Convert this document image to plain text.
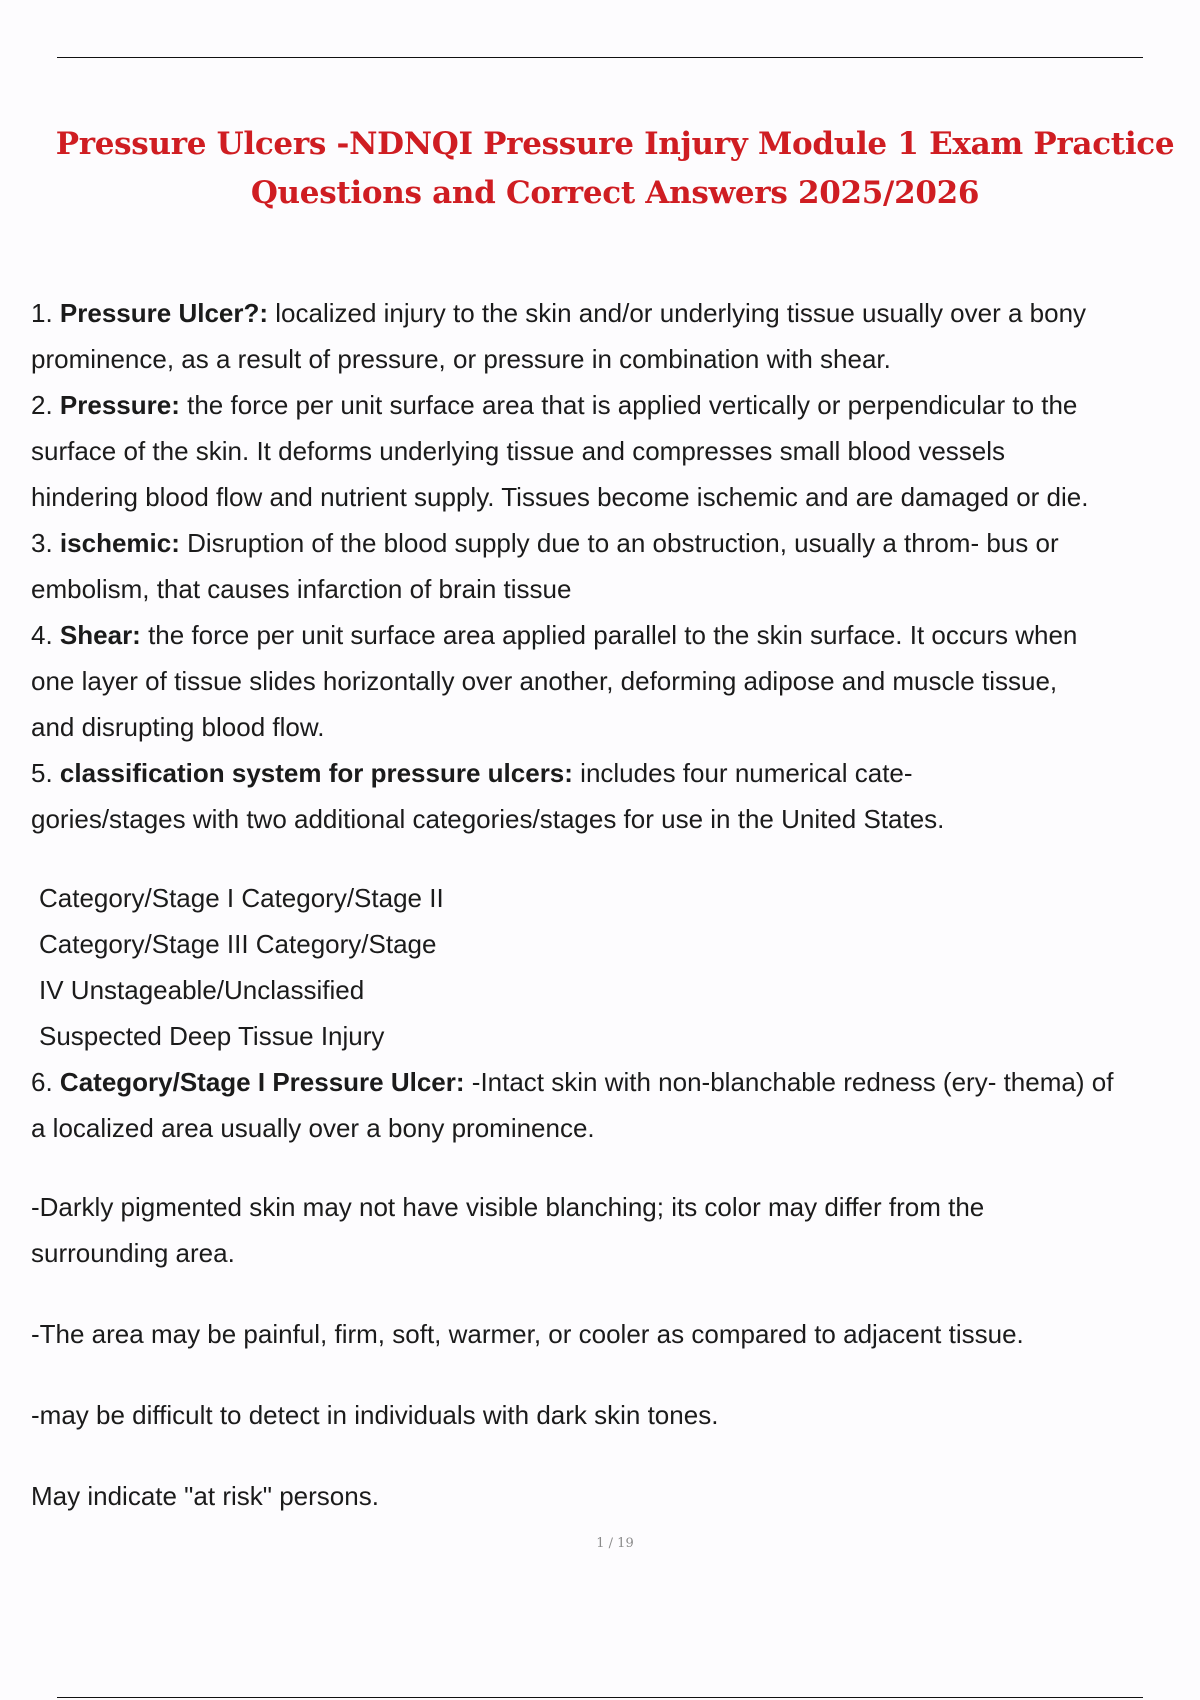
Pressure Ulcers -NDNQI Pressure Injury Module 1 Exam Practice
Questions and Correct Answers 2025/2026
1. Pressure Ulcer?: localized injury to the skin and/or underlying tissue usually over a bony
prominence, as a result of pressure, or pressure in combination with shear.
2. Pressure: the force per unit surface area that is applied vertically or perpendicular to the
surface of the skin. It deforms underlying tissue and compresses small blood vessels
hindering blood flow and nutrient supply. Tissues become ischemic and are damaged or die.
3. ischemic: Disruption of the blood supply due to an obstruction, usually a throm- bus or
embolism, that causes infarction of brain tissue
4. Shear: the force per unit surface area applied parallel to the skin surface. It occurs when
one layer of tissue slides horizontally over another, deforming adipose and muscle tissue,
and disrupting blood flow.
5. classification system for pressure ulcers: includes four numerical cate-
gories/stages with two additional categories/stages for use in the United States.
Category/Stage I Category/Stage II
Category/Stage III Category/Stage
IV Unstageable/Unclassified
Suspected Deep Tissue Injury
6. Category/Stage I Pressure Ulcer: -Intact skin with non-blanchable redness (ery- thema) of
a localized area usually over a bony prominence.
-Darkly pigmented skin may not have visible blanching; its color may differ from the
surrounding area.
-The area may be painful, firm, soft, warmer, or cooler as compared to adjacent tissue.
-may be difficult to detect in individuals with dark skin tones.
May indicate "at risk" persons.
1 / 19
